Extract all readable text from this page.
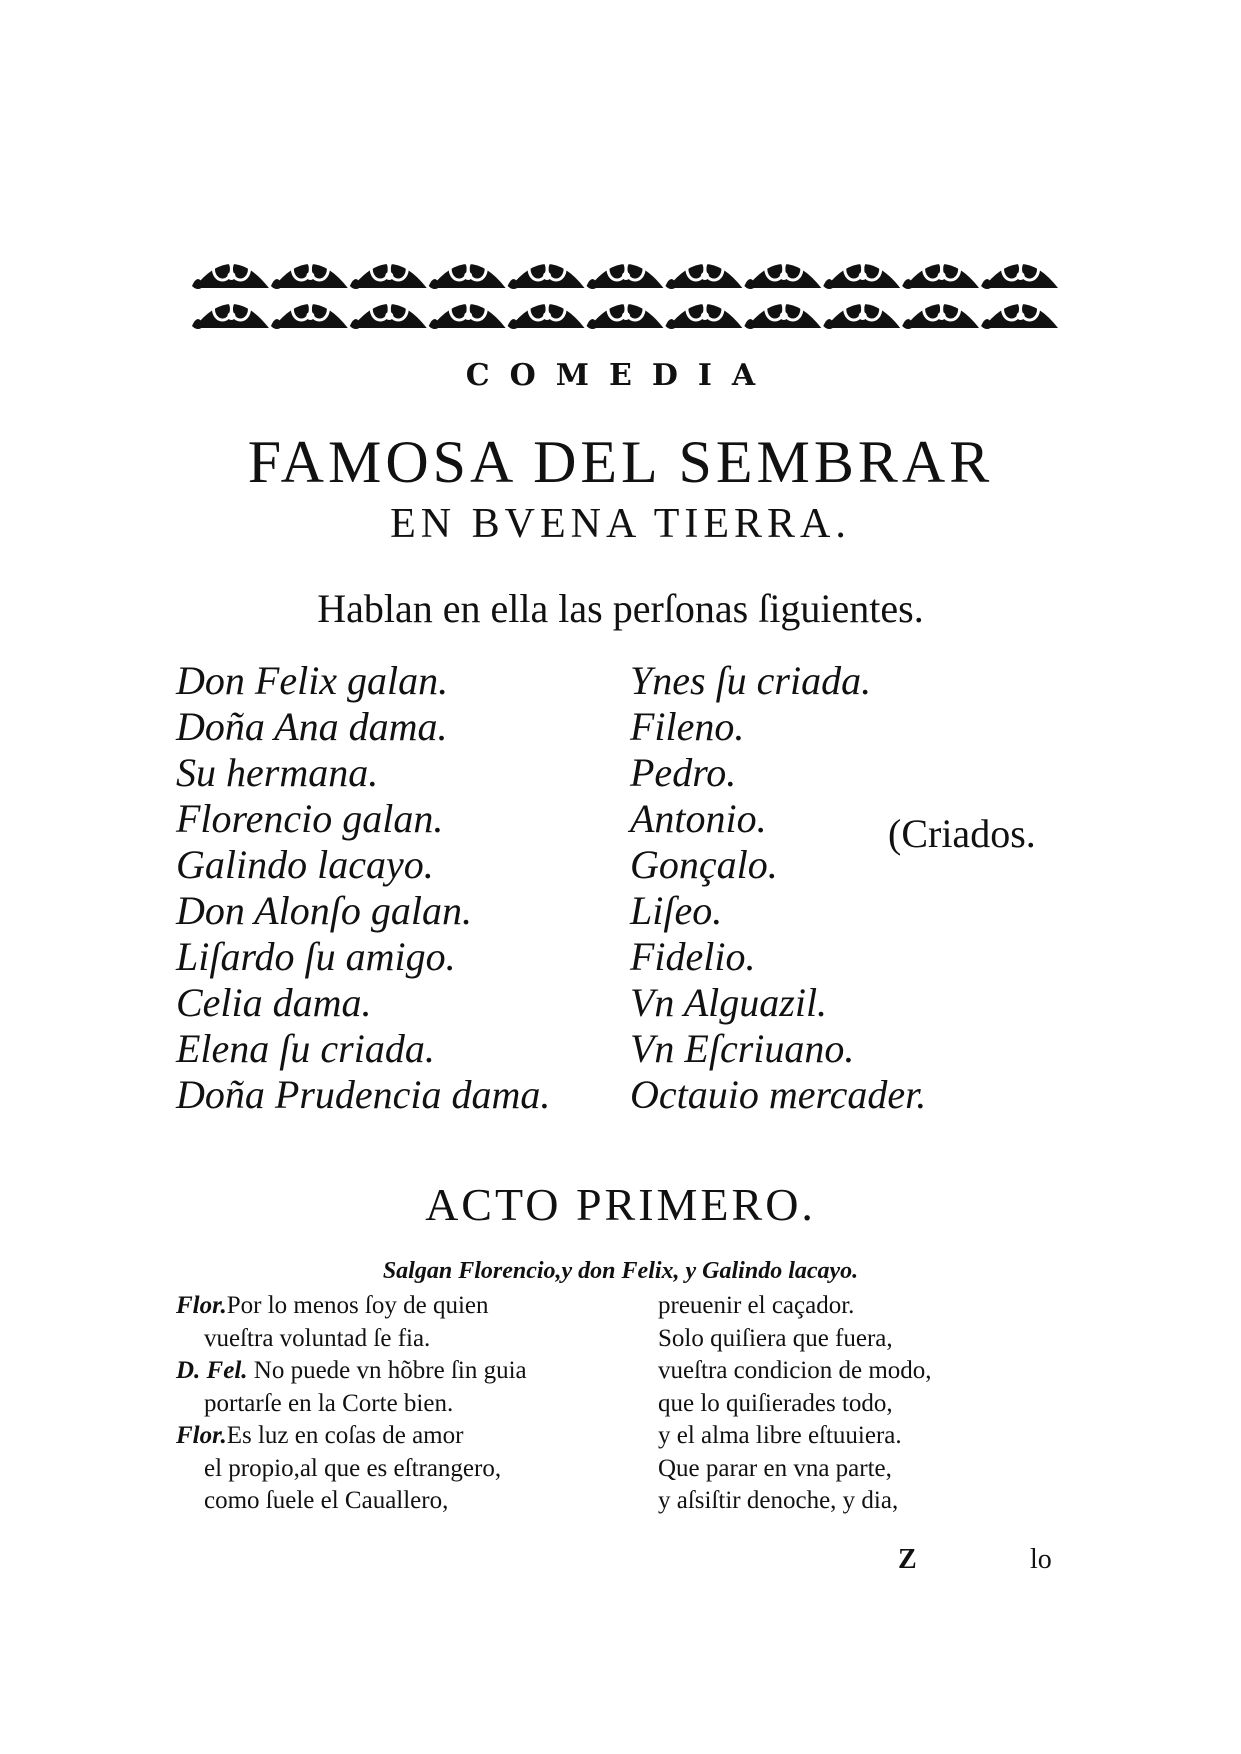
COMEDIA
FAMOSA DEL SEMBRAR
EN BVENA TIERRA.
Hablan en ella las perſonas ſiguientes.
Don Felix galan.
Doña Ana dama.
Su hermana.
Florencio galan.
Galindo lacayo.
Don Alonſo galan.
Liſardo ſu amigo.
Celia dama.
Elena ſu criada.
Doña Prudencia dama.
Ynes ſu criada.
Fileno.
Pedro.
Antonio.
Gonçalo.
Liſeo.
Fidelio.
Vn Alguazil.
Vn Eſcriuano.
Octauio mercader.
(Criados.
ACTO PRIMERO.
Salgan Florencio,y don Felix, y Galindo lacayo.
Flor.Por lo menos ſoy de quien
vueſtra voluntad ſe fia.
D. Fel. No puede vn hõbre ſin guia
portarſe en la Corte bien.
Flor.Es luz en coſas de amor
el propio,al que es eſtrangero,
como ſuele el Cauallero,
preuenir el caçador.
Solo quiſiera que fuera,
vueſtra condicion de modo,
que lo quiſierades todo,
y el alma libre eſtuuiera.
Que parar en vna parte,
y aſsiſtir denoche, y dia,
Z	lo
